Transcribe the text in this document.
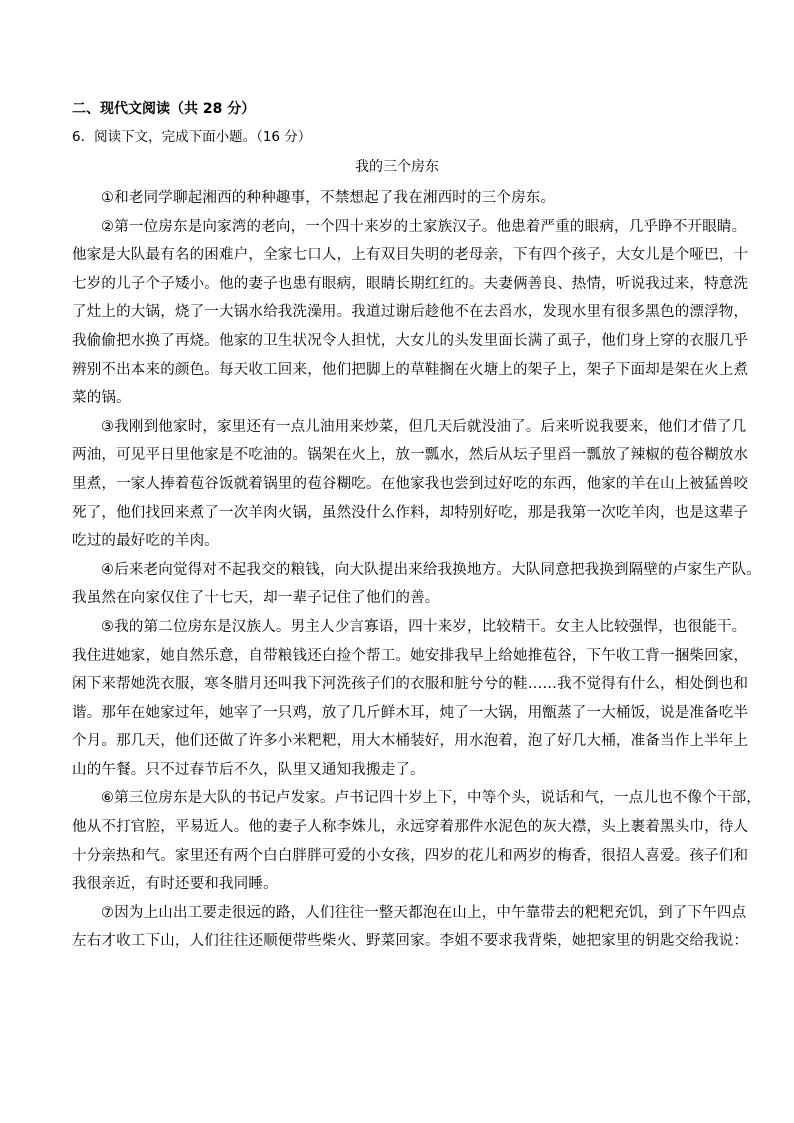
二、现代文阅读（共 28 分）
6．阅读下文，完成下面小题。（16 分）
我的三个房东
①和老同学聊起湘西的种种趣事，不禁想起了我在湘西时的三个房东。
②第一位房东是向家湾的老向，一个四十来岁的土家族汉子。他患着严重的眼病，几乎睁不开眼睛。
他家是大队最有名的困难户，全家七口人，上有双目失明的老母亲，下有四个孩子，大女儿是个哑巴，十
七岁的儿子个子矮小。他的妻子也患有眼病，眼睛长期红红的。夫妻俩善良、热情，听说我过来，特意洗
了灶上的大锅，烧了一大锅水给我洗澡用。我道过谢后趁他不在去舀水，发现水里有很多黑色的漂浮物，
我偷偷把水换了再烧。他家的卫生状况令人担忧，大女儿的头发里面长满了虱子，他们身上穿的衣服几乎
辨别不出本来的颜色。每天收工回来，他们把脚上的草鞋搁在火塘上的架子上，架子下面却是架在火上煮
菜的锅。
③我刚到他家时，家里还有一点儿油用来炒菜，但几天后就没油了。后来听说我要来，他们才借了几
两油，可见平日里他家是不吃油的。锅架在火上，放一瓢水，然后从坛子里舀一瓢放了辣椒的苞谷糊放水
里煮，一家人捧着苞谷饭就着锅里的苞谷糊吃。在他家我也尝到过好吃的东西，他家的羊在山上被猛兽咬
死了，他们找回来煮了一次羊肉火锅，虽然没什么作料，却特别好吃，那是我第一次吃羊肉，也是这辈子
吃过的最好吃的羊肉。
④后来老向觉得对不起我交的粮钱，向大队提出来给我换地方。大队同意把我换到隔壁的卢家生产队。
我虽然在向家仅住了十七天，却一辈子记住了他们的善。
⑤我的第二位房东是汉族人。男主人少言寡语，四十来岁，比较精干。女主人比较强悍，也很能干。
我住进她家，她自然乐意，自带粮钱还白捡个帮工。她安排我早上给她推苞谷，下午收工背一捆柴回家，
闲下来帮她洗衣服，寒冬腊月还叫我下河洗孩子们的衣服和脏兮兮的鞋……我不觉得有什么，相处倒也和
谐。那年在她家过年，她宰了一只鸡，放了几斤鲜木耳，炖了一大锅，用甑蒸了一大桶饭，说是准备吃半
个月。那几天，他们还做了许多小米粑粑，用大木桶装好，用水泡着，泡了好几大桶，准备当作上半年上
山的午餐。只不过春节后不久，队里又通知我搬走了。
⑥第三位房东是大队的书记卢发家。卢书记四十岁上下，中等个头，说话和气，一点儿也不像个干部，
他从不打官腔，平易近人。他的妻子人称李姝儿，永远穿着那件水泥色的灰大襟，头上裹着黑头巾，待人
十分亲热和气。家里还有两个白白胖胖可爱的小女孩，四岁的花儿和两岁的梅香，很招人喜爱。孩子们和
我很亲近，有时还要和我同睡。
⑦因为上山出工要走很远的路，人们往往一整天都泡在山上，中午靠带去的粑粑充饥，到了下午四点
左右才收工下山，人们往往还顺便带些柴火、野菜回家。李姐不要求我背柴，她把家里的钥匙交给我说：
